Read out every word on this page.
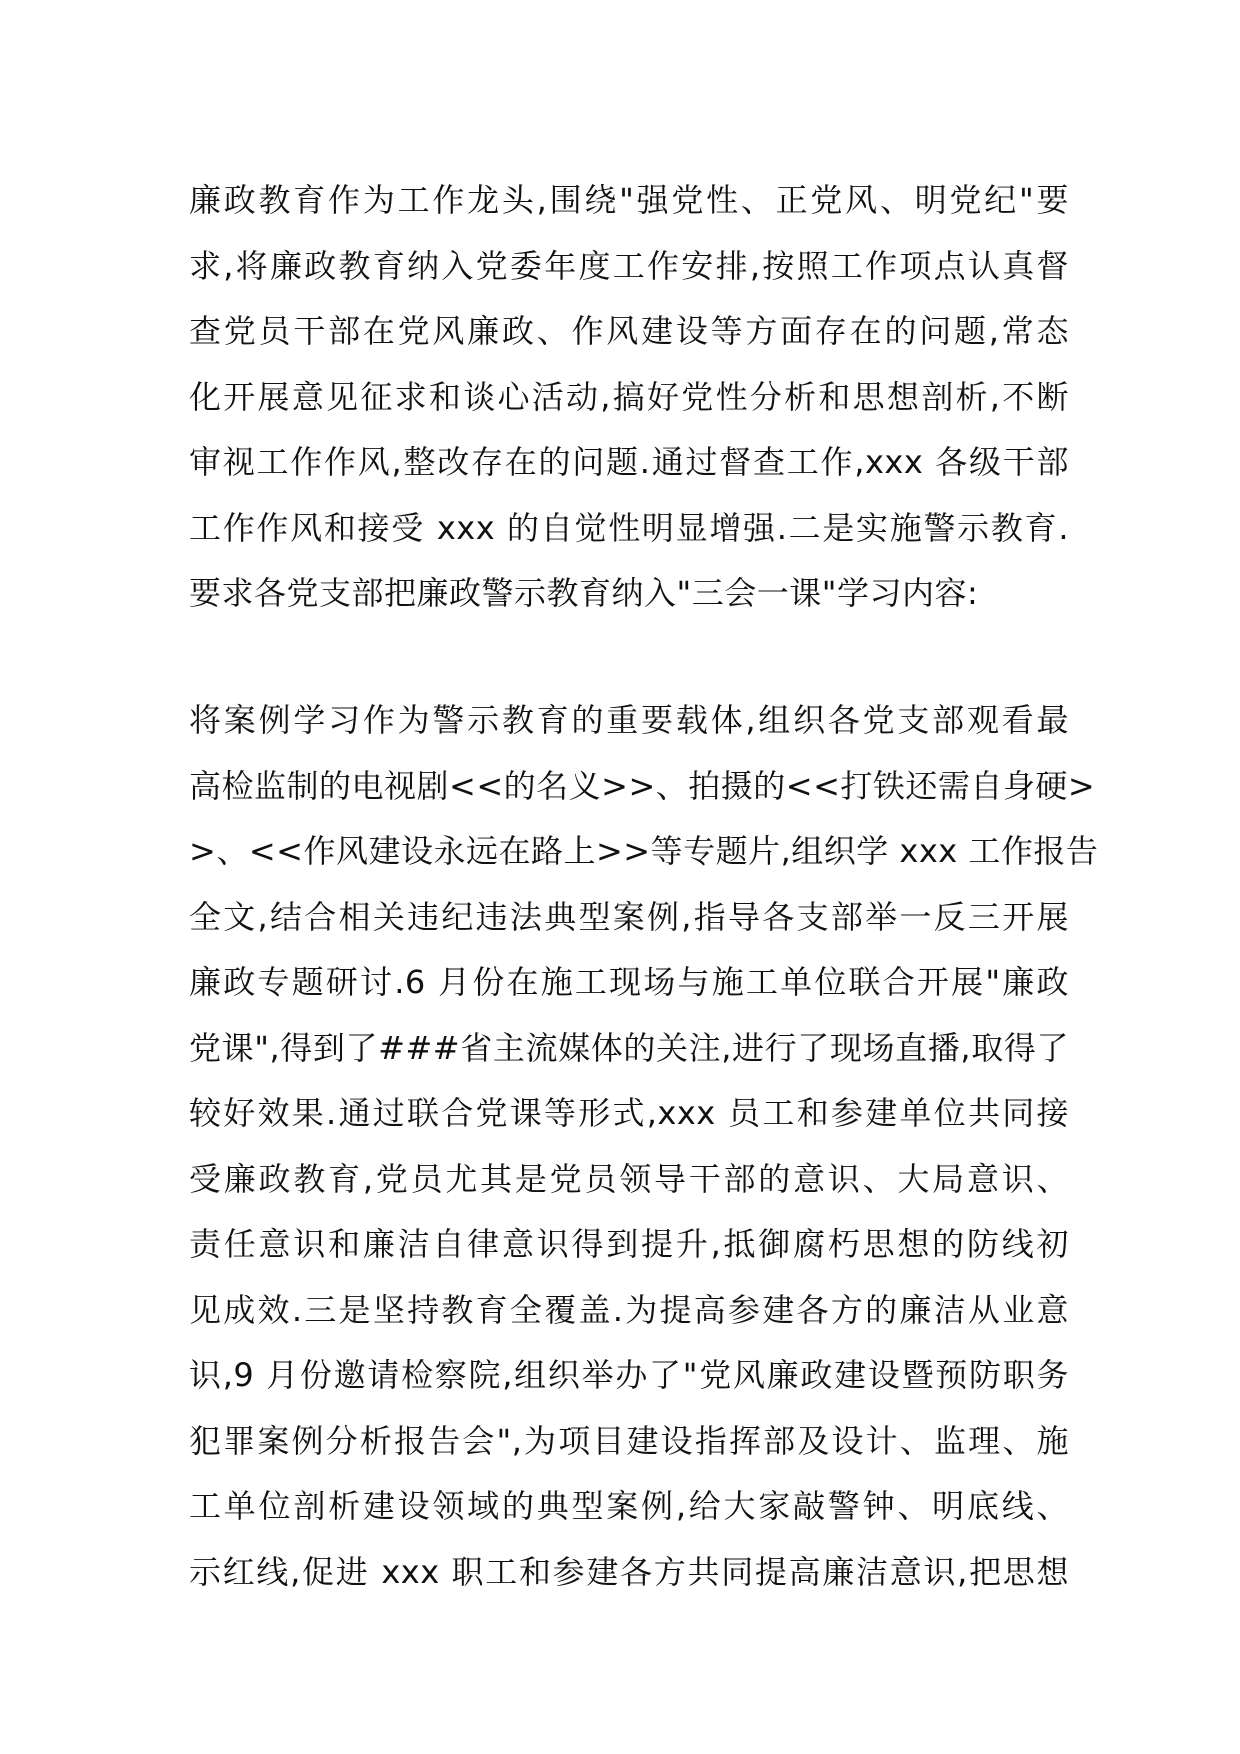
廉政教育作为工作龙头,围绕"强党性、正党风、明党纪"要
求,将廉政教育纳入党委年度工作安排,按照工作项点认真督
查党员干部在党风廉政、作风建设等方面存在的问题,常态
化开展意见征求和谈心活动,搞好党性分析和思想剖析,不断
审视工作作风,整改存在的问题.通过督查工作,xxx 各级干部
工作作风和接受 xxx 的自觉性明显增强.二是实施警示教育.
要求各党支部把廉政警示教育纳入"三会一课"学习内容:
将案例学习作为警示教育的重要载体,组织各党支部观看最
高检监制的电视剧<<的名义>>、拍摄的<<打铁还需自身硬>
>、<<作风建设永远在路上>>等专题片,组织学 xxx 工作报告
全文,结合相关违纪违法典型案例,指导各支部举一反三开展
廉政专题研讨.6 月份在施工现场与施工单位联合开展"廉政
党课",得到了###省主流媒体的关注,进行了现场直播,取得了
较好效果.通过联合党课等形式,xxx 员工和参建单位共同接
受廉政教育,党员尤其是党员领导干部的意识、大局意识、
责任意识和廉洁自律意识得到提升,抵御腐朽思想的防线初
见成效.三是坚持教育全覆盖.为提高参建各方的廉洁从业意
识,9 月份邀请检察院,组织举办了"党风廉政建设暨预防职务
犯罪案例分析报告会",为项目建设指挥部及设计、监理、施
工单位剖析建设领域的典型案例,给大家敲警钟、明底线、
示红线,促进 xxx 职工和参建各方共同提高廉洁意识,把思想
